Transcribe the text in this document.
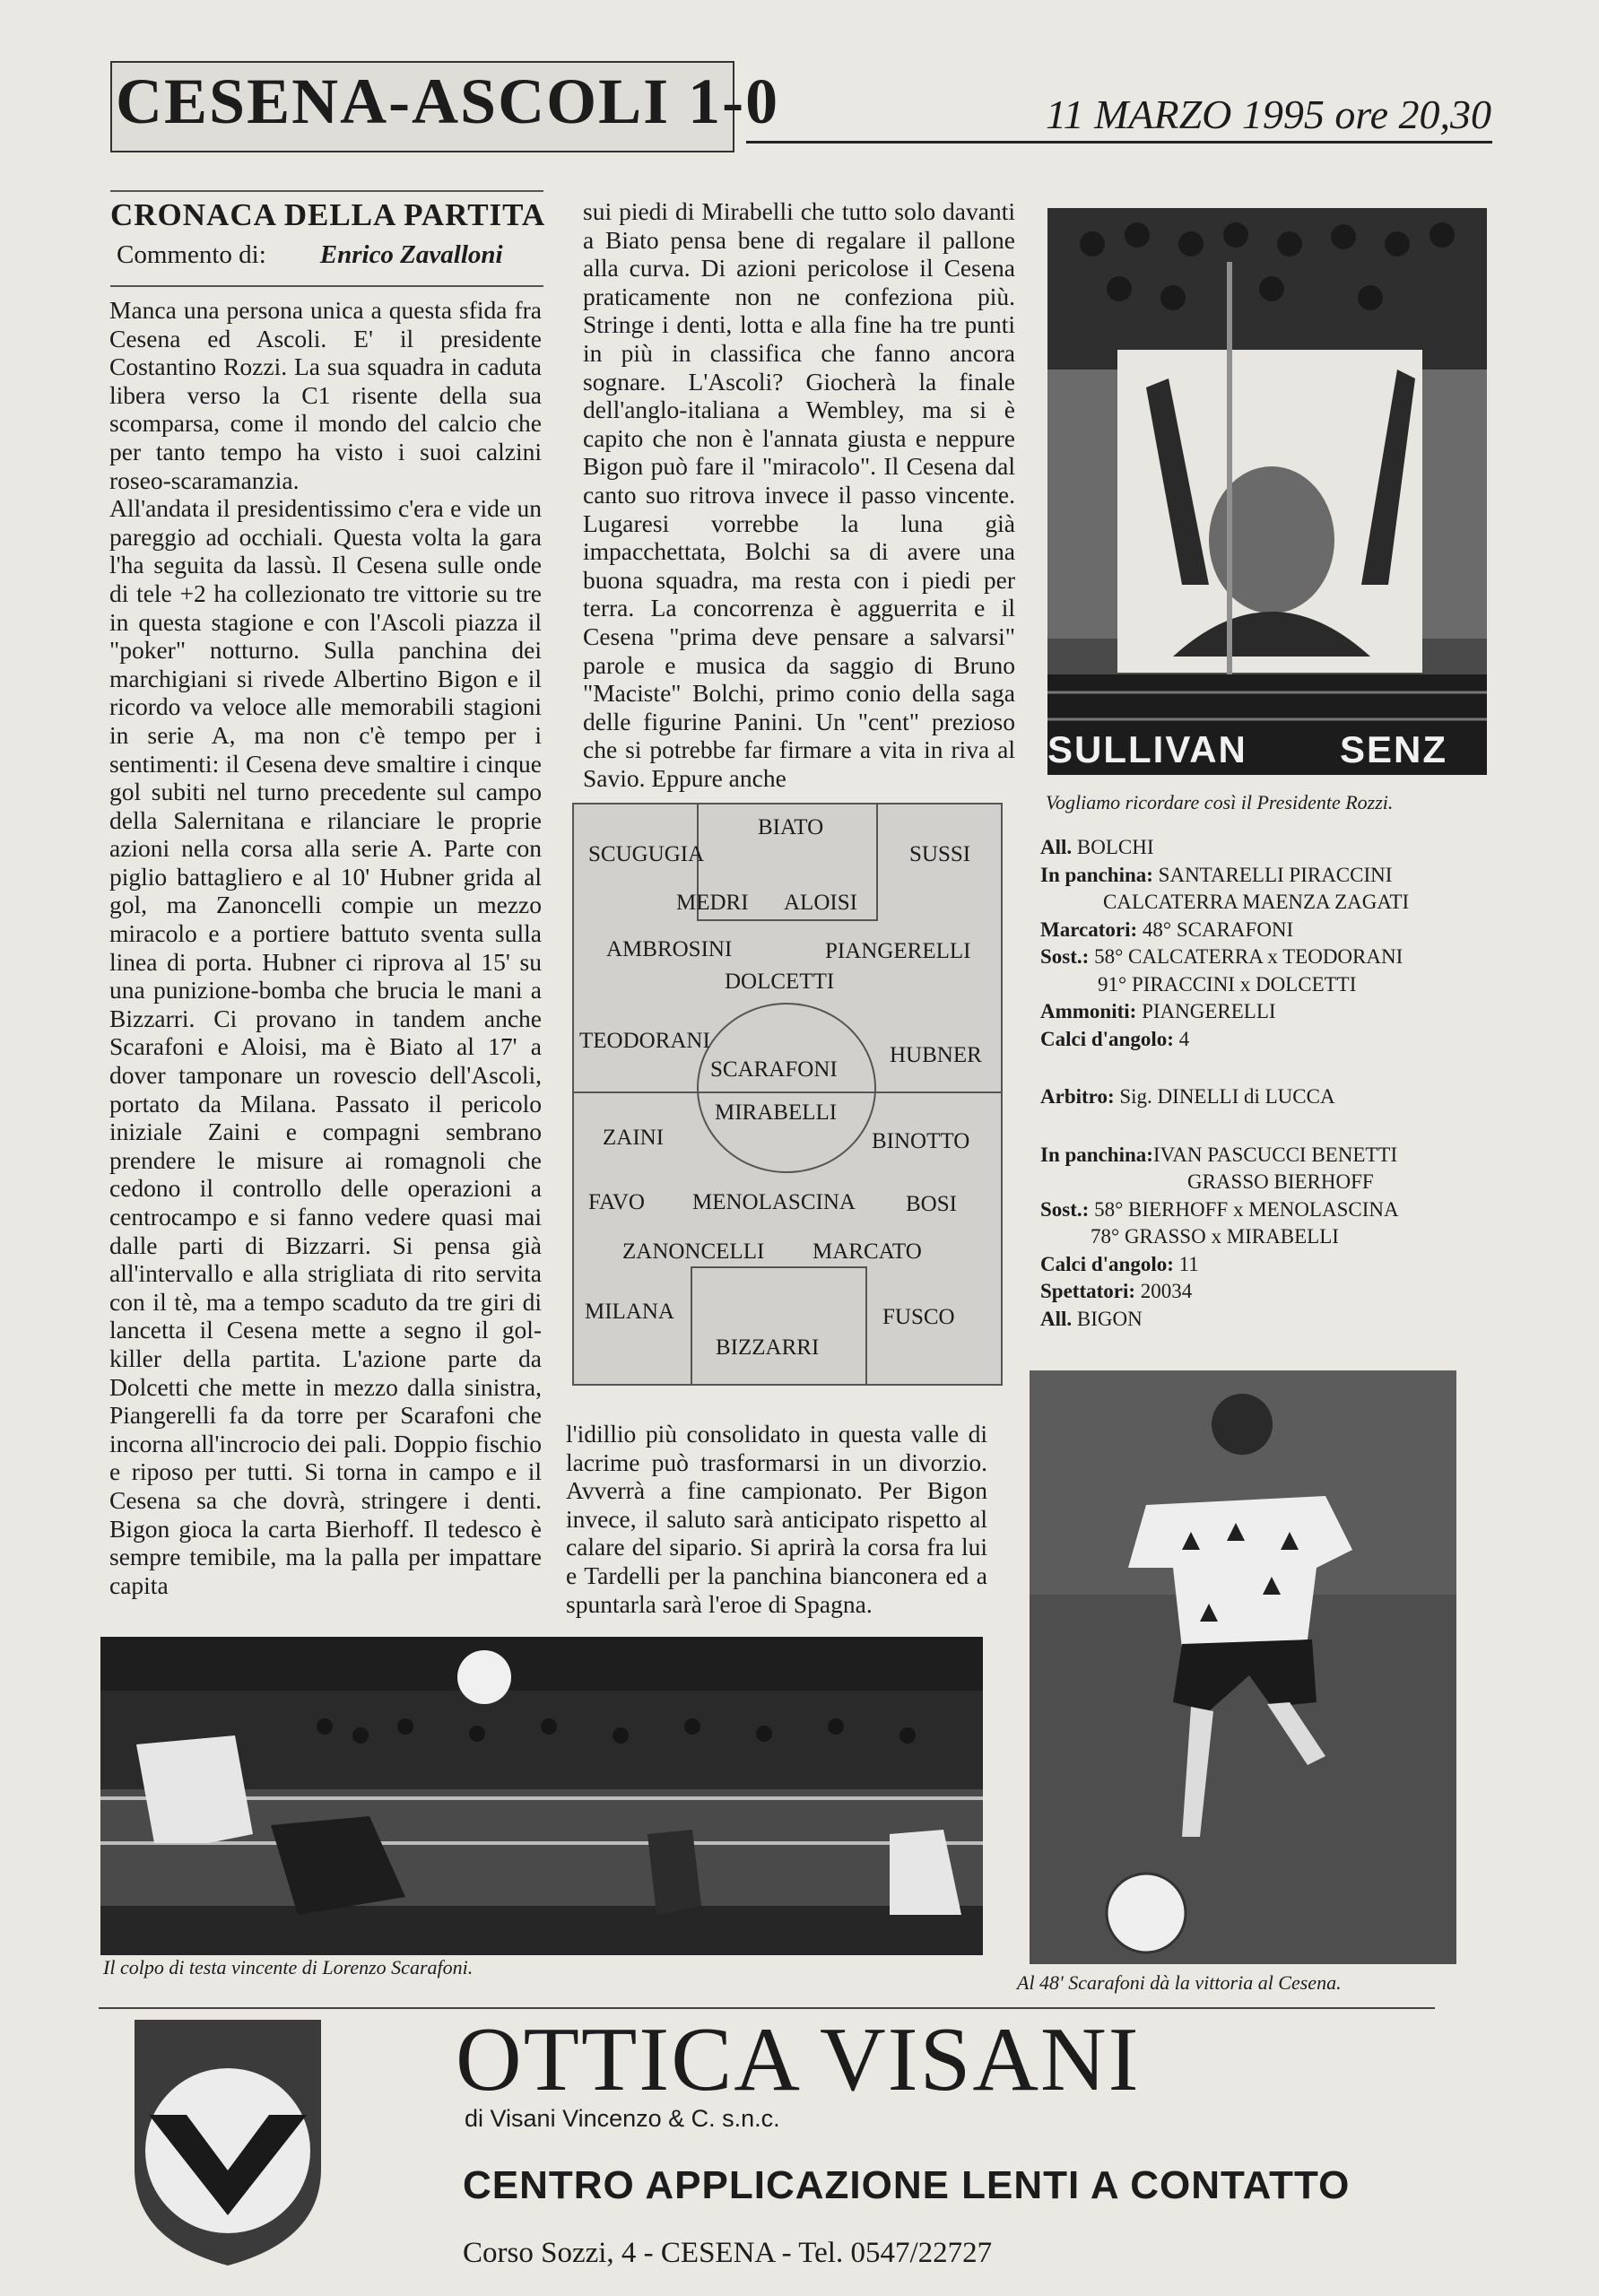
CESENA-ASCOLI 1-0	11 MARZO 1995 ore 20,30
CRONACA DELLA PARTITA
Commento di: Enrico Zavalloni

Manca una persona unica a questa sfida fra Cesena ed Ascoli. E' il presidente Costantino Rozzi. La sua squadra in caduta libera verso la C1 risente della sua scomparsa, come il mondo del calcio che per tanto tempo ha visto i suoi calzini roseo-scaramanzia.

All'andata il presidentissimo c'era e vide un pareggio ad occhiali. Questa volta la gara l'ha seguita da lassù. Il Cesena sulle onde di tele +2 ha collezionato tre vittorie su tre in questa stagione e con l'Ascoli piazza il "poker" notturno. Sulla panchina dei marchigiani si rivede Albertino Bigon e il ricordo va veloce alle memorabili stagioni in serie A, ma non c'è tempo per i sentimenti: il Cesena deve smaltire i cinque gol subiti nel turno precedente sul campo della Salernitana e rilanciare le proprie azioni nella corsa alla serie A. Parte con piglio battagliero e al 10' Hubner grida al gol, ma Zanoncelli compie un mezzo miracolo e a portiere battuto sventa sulla linea di porta. Hubner ci riprova al 15' su una punizione-bomba che brucia le mani a Bizzarri. Ci provano in tandem anche Scarafoni e Aloisi, ma è Biato al 17' a dover tamponare un rovescio dell'Ascoli, portato da Milana. Passato il pericolo iniziale Zaini e compagni sembrano prendere le misure ai romagnoli che cedono il controllo delle operazioni a centrocampo e si fanno vedere quasi mai dalle parti di Bizzarri. Si pensa già all'intervallo e alla strigliata di rito servita con il tè, ma a tempo scaduto da tre giri di lancetta il Cesena mette a segno il gol-killer della partita. L'azione parte da Dolcetti che mette in mezzo dalla sinistra, Piangerelli fa da torre per Scarafoni che incorna all'incrocio dei pali. Doppio fischio e riposo per tutti. Si torna in campo e il Cesena sa che dovrà, stringere i denti. Bigon gioca la carta Bierhoff. Il tedesco è sempre temibile, ma la palla per impattare capita

sui piedi di Mirabelli che tutto solo davanti a Biato pensa bene di regalare il pallone alla curva. Di azioni pericolose il Cesena praticamente non ne confeziona più. Stringe i denti, lotta e alla fine ha tre punti in più in classifica che fanno ancora sognare. L'Ascoli? Giocherà la finale dell'anglo-italiana a Wembley, ma si è capito che non è l'annata giusta e neppure Bigon può fare il "miracolo". Il Cesena dal canto suo ritrova invece il passo vincente. Lugaresi vorrebbe la luna già impacchettata, Bolchi sa di avere una buona squadra, ma resta con i piedi per terra. La concorrenza è agguerrita e il Cesena "prima deve pensare a salvarsi" parole e musica da saggio di Bruno "Maciste" Bolchi, primo conio della saga delle figurine Panini. Un "cent" prezioso che si potrebbe far firmare a vita in riva al Savio. Eppure anche

l'idillio più consolidato in questa valle di lacrime può trasformarsi in un divorzio. Avverrà a fine campionato. Per Bigon invece, il saluto sarà anticipato rispetto al calare del sipario. Si aprirà la corsa fra lui e Tardelli per la panchina bianconera ed a spuntarla sarà l'eroe di Spagna.

BIATO
SCUGUGIA	SUSSI
MEDRI ALOISI
AMBROSINI	PIANGERELLI
DOLCETTI
TEODORANI
SCARAFONI
HUBNER
MIRABELLI
ZAINI	BINOTTO
FAVO MENOLASCINA BOSI
ZANONCELLI MARCATO
MILANA	FUSCO
BIZZARRI
SULLIVAN SENZ
Vogliamo ricordare così il Presidente Rozzi.
All. BOLCHI
In panchina: SANTARELLI PIRACCINI
CALCATERRA MAENZA ZAGATI
Marcatori: 48° SCARAFONI
Sost.: 58° CALCATERRA x TEODORANI
91° PIRACCINI x DOLCETTI
Ammoniti: PIANGERELLI
Calci d'angolo: 4
Arbitro: Sig. DINELLI di LUCCA
In panchina:IVAN PASCUCCI BENETTI
GRASSO BIERHOFF
Sost.: 58° BIERHOFF x MENOLASCINA
78° GRASSO x MIRABELLI
Calci d'angolo: 11
Spettatori: 20034
All. BIGON
Al 48' Scarafoni dà la vittoria al Cesena.
Il colpo di testa vincente di Lorenzo Scarafoni.
OTTICA VISANI
di Visani Vincenzo & C. s.n.c.
CENTRO APPLICAZIONE LENTI A CONTATTO
Corso Sozzi, 4 - CESENA - Tel. 0547/22727
